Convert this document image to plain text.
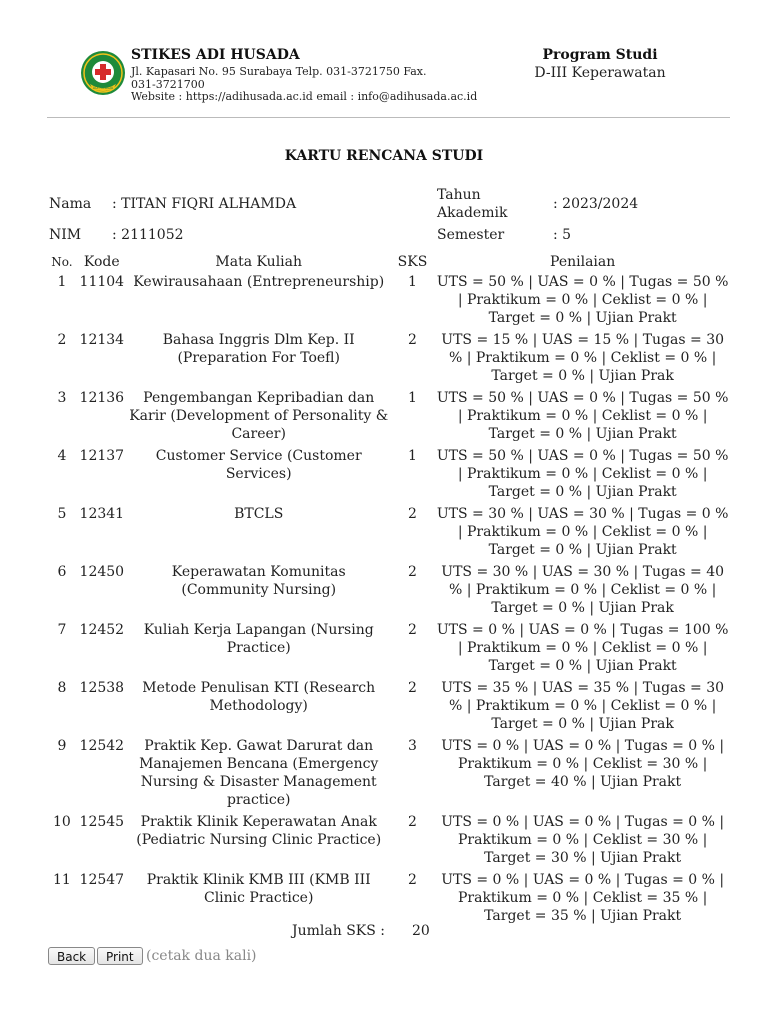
ADI HUSADA
STIKES ADI HUSADA
Jl. Kapasari No. 95 Surabaya Telp. 031-3721750 Fax. 031-3721700
Website : https://adihusada.ac.id email : info@adihusada.ac.id
Program Studi
D-III Keperawatan
KARTU RENCANA STUDI
Nama : TITAN FIQRI ALHAMDA
Tahun Akademik
: 2023/2024
NIM : 2111052	Semester	: 5
No.	Kode	Mata Kuliah	SKS	Penilaian
1	11104	Kewirausahaan (Entrepreneurship)	1	UTS = 50 % | UAS = 0 % | Tugas = 50 % | Praktikum = 0 % | Ceklist = 0 % | Target = 0 % | Ujian Prakt
2	12134	Bahasa Inggris Dlm Kep. II (Preparation For Toefl)	2	UTS = 15 % | UAS = 15 % | Tugas = 30 % | Praktikum = 0 % | Ceklist = 0 % | Target = 0 % | Ujian Prak
3	12136	Pengembangan Kepribadian dan Karir (Development of Personality & Career)	1	UTS = 50 % | UAS = 0 % | Tugas = 50 % | Praktikum = 0 % | Ceklist = 0 % | Target = 0 % | Ujian Prakt
4	12137	Customer Service (Customer Services)	1	UTS = 50 % | UAS = 0 % | Tugas = 50 % | Praktikum = 0 % | Ceklist = 0 % | Target = 0 % | Ujian Prakt
5	12341	BTCLS	2	UTS = 30 % | UAS = 30 % | Tugas = 0 % | Praktikum = 0 % | Ceklist = 0 % | Target = 0 % | Ujian Prakt
6	12450	Keperawatan Komunitas (Community Nursing)	2	UTS = 30 % | UAS = 30 % | Tugas = 40 % | Praktikum = 0 % | Ceklist = 0 % | Target = 0 % | Ujian Prak
7	12452	Kuliah Kerja Lapangan (Nursing Practice)	2	UTS = 0 % | UAS = 0 % | Tugas = 100 % | Praktikum = 0 % | Ceklist = 0 % | Target = 0 % | Ujian Prakt
8	12538	Metode Penulisan KTI (Research Methodology)	2	UTS = 35 % | UAS = 35 % | Tugas = 30 % | Praktikum = 0 % | Ceklist = 0 % | Target = 0 % | Ujian Prak
9	12542	Praktik Kep. Gawat Darurat dan Manajemen Bencana (Emergency Nursing & Disaster Management practice)	3	UTS = 0 % | UAS = 0 % | Tugas = 0 % | Praktikum = 0 % | Ceklist = 30 % | Target = 40 % | Ujian Prakt
10	12545	Praktik Klinik Keperawatan Anak (Pediatric Nursing Clinic Practice)	2	UTS = 0 % | UAS = 0 % | Tugas = 0 % | Praktikum = 0 % | Ceklist = 30 % | Target = 30 % | Ujian Prakt
11	12547	Praktik Klinik KMB III (KMB III Clinic Practice)	2	UTS = 0 % | UAS = 0 % | Tugas = 0 % | Praktikum = 0 % | Ceklist = 35 % | Target = 35 % | Ujian Prakt
Jumlah SKS : 20
Back	Print (cetak dua kali)
